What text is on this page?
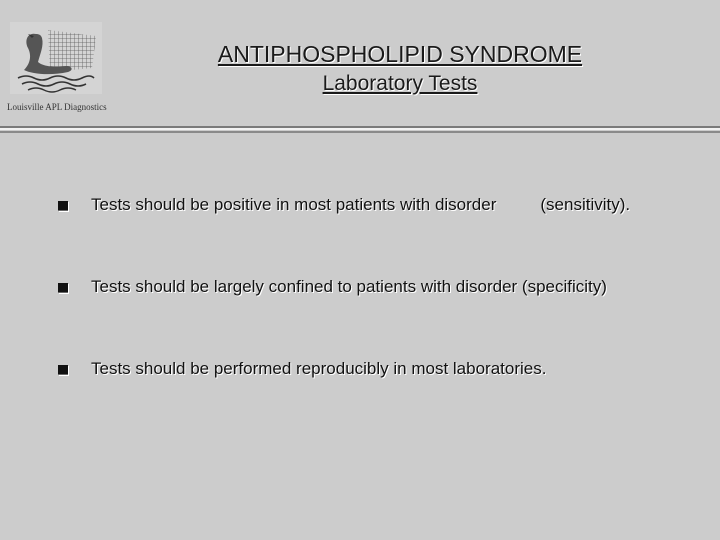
Louisville APL Diagnostics
ANTIPHOSPHOLIPID SYNDROME
Laboratory Tests
Tests should be positive in most patients with disorder	(sensitivity).
Tests should be largely confined to patients with disorder (specificity)
Tests should be performed reproducibly in most laboratories.
